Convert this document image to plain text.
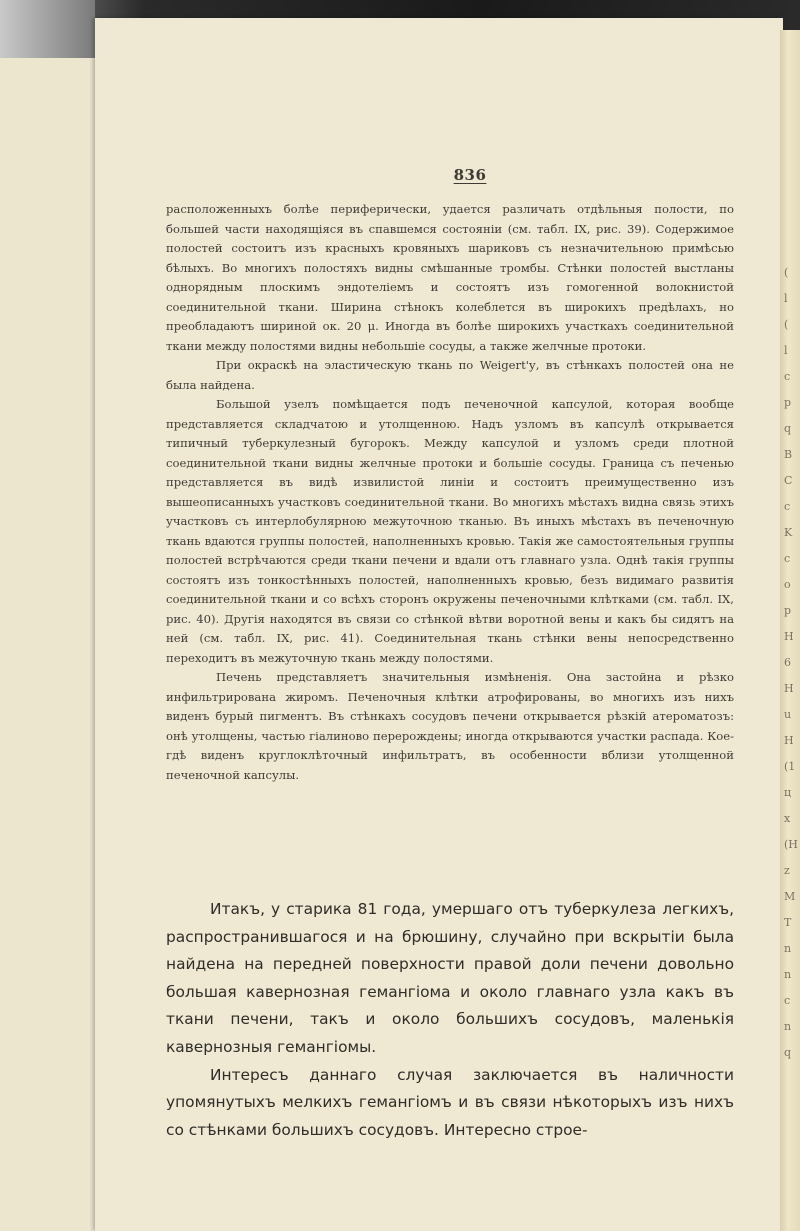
(
l
(
l
c
p
q
B
C
c
K
c
o
p
H
6
H
u
H
(1
ц
x
(H
z
M
T
n
n
c
n
q
836

расположенныхъ болѣе периферически, удается различать отдѣльныя полости, по большей части находящіяся въ спавшемся состояніи (см. табл. IX, рис. 39). Содержимое полостей состоитъ изъ красныхъ кровяныхъ шариковъ съ незначительною примѣсью бѣлыхъ. Во многихъ полостяхъ видны смѣшанные тромбы. Стѣнки полостей выстланы однорядным плоскимъ эндотеліемъ и состоятъ изъ гомогенной волокнистой соединительной ткани. Ширина стѣнокъ колеблется въ широкихъ предѣлахъ, но преобладаютъ шириной ок. 20 μ. Иногда въ болѣе широкихъ участкахъ соединительной ткани между полостями видны небольшіе сосуды, а также желчные протоки.

При окраскѣ на эластическую ткань по Weigert'у, въ стѣнкахъ полостей она не была найдена.

Большой узелъ помѣщается подъ печеночной капсулой, которая вообще представляется складчатою и утолщенною. Надъ узломъ въ капсулѣ открывается типичный туберкулезный бугорокъ. Между капсулой и узломъ среди плотной соединительной ткани видны желчные протоки и большіе сосуды. Граница съ печенью представляется въ видѣ извилистой линіи и состоитъ преимущественно изъ вышеописанныхъ участковъ соединительной ткани. Во многихъ мѣстахъ видна связь этихъ участковъ съ интерлобулярною межуточною тканью. Въ иныхъ мѣстахъ въ печеночную ткань вдаются группы полостей, наполненныхъ кровью. Такія же самостоятельныя группы полостей встрѣчаются среди ткани печени и вдали отъ главнаго узла. Однѣ такія группы состоятъ изъ тонкостѣнныхъ полостей, наполненныхъ кровью, безъ видимаго развитія соединительной ткани и со всѣхъ сторонъ окружены печеночными клѣтками (см. табл. IX, рис. 40). Другія находятся въ связи со стѣнкой вѣтви воротной вены и какъ бы сидятъ на ней (см. табл. IX, рис. 41). Соединительная ткань стѣнки вены непосредственно переходитъ въ межуточную ткань между полостями.

Печень представляетъ значительныя измѣненія. Она застойна и рѣзко инфильтрирована жиромъ. Печеночныя клѣтки атрофированы, во многихъ изъ нихъ виденъ бурый пигментъ. Въ стѣнкахъ сосудовъ печени открывается рѣзкій атероматозъ: онѣ утолщены, частью гіалиново перерождены; иногда открываются участки распада. Кое-гдѣ виденъ круглоклѣточный инфильтратъ, въ особенности вблизи утолщенной печеночной капсулы.

Итакъ, у старика 81 года, умершаго отъ туберкулеза легкихъ, распространившагося и на брюшину, случайно при вскрытіи была найдена на передней поверхности правой доли печени довольно большая кавернозная гемангіома и около главнаго узла какъ въ ткани печени, такъ и около большихъ сосудовъ, маленькія кавернозныя гемангіомы.

Интересъ даннаго случая заключается въ наличности упомянутыхъ мелкихъ гемангіомъ и въ связи нѣкоторыхъ изъ нихъ со стѣнками большихъ сосудовъ. Интересно строе-
